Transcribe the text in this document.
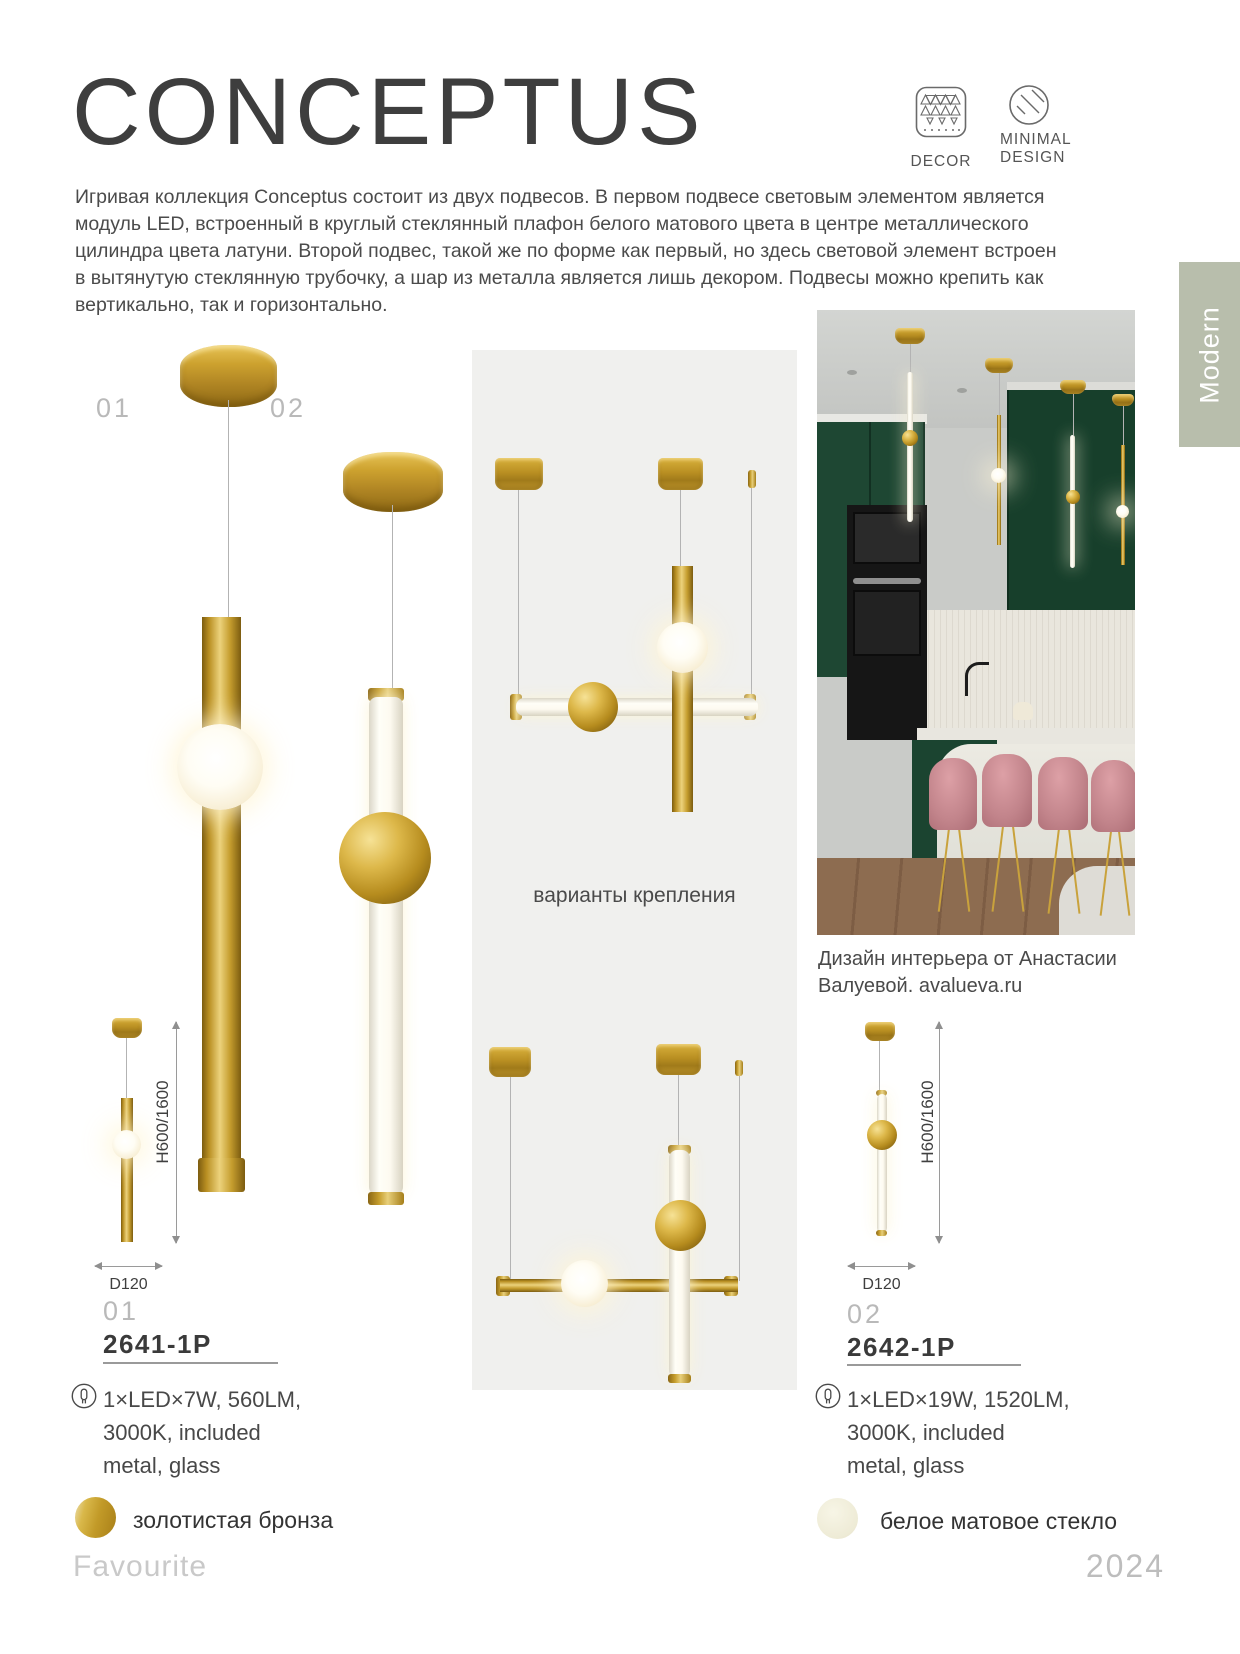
CONCEPTUS	DECOR
MINIMAL DESIGN

Игривая коллекция Conceptus состоит из двух подвесов. В первом подвесе световым элементом является модуль LED, встроенный в круглый стеклянный плафон белого матового цвета в центре металлического цилиндра цвета латуни. Второй подвес, такой же по форме как первый, но здесь световой элемент встроен в вытянутую стеклянную трубочку, а шар из металла является лишь декором. Подвесы можно крепить как вертикально, так и горизонтально.

Modern
01	02
варианты крепления
Дизайн интерьера от Анастасии Валуевой. avalueva.ru
H600/1600
D120
H600/1600
D120
01
2641-1P
1×LED×7W, 560LM,
3000K, included
metal, glass
02
2642-1P
1×LED×19W, 1520LM,
3000K, included
metal, glass
золотистая бронза	белое матовое стекло
Favourite	2024
